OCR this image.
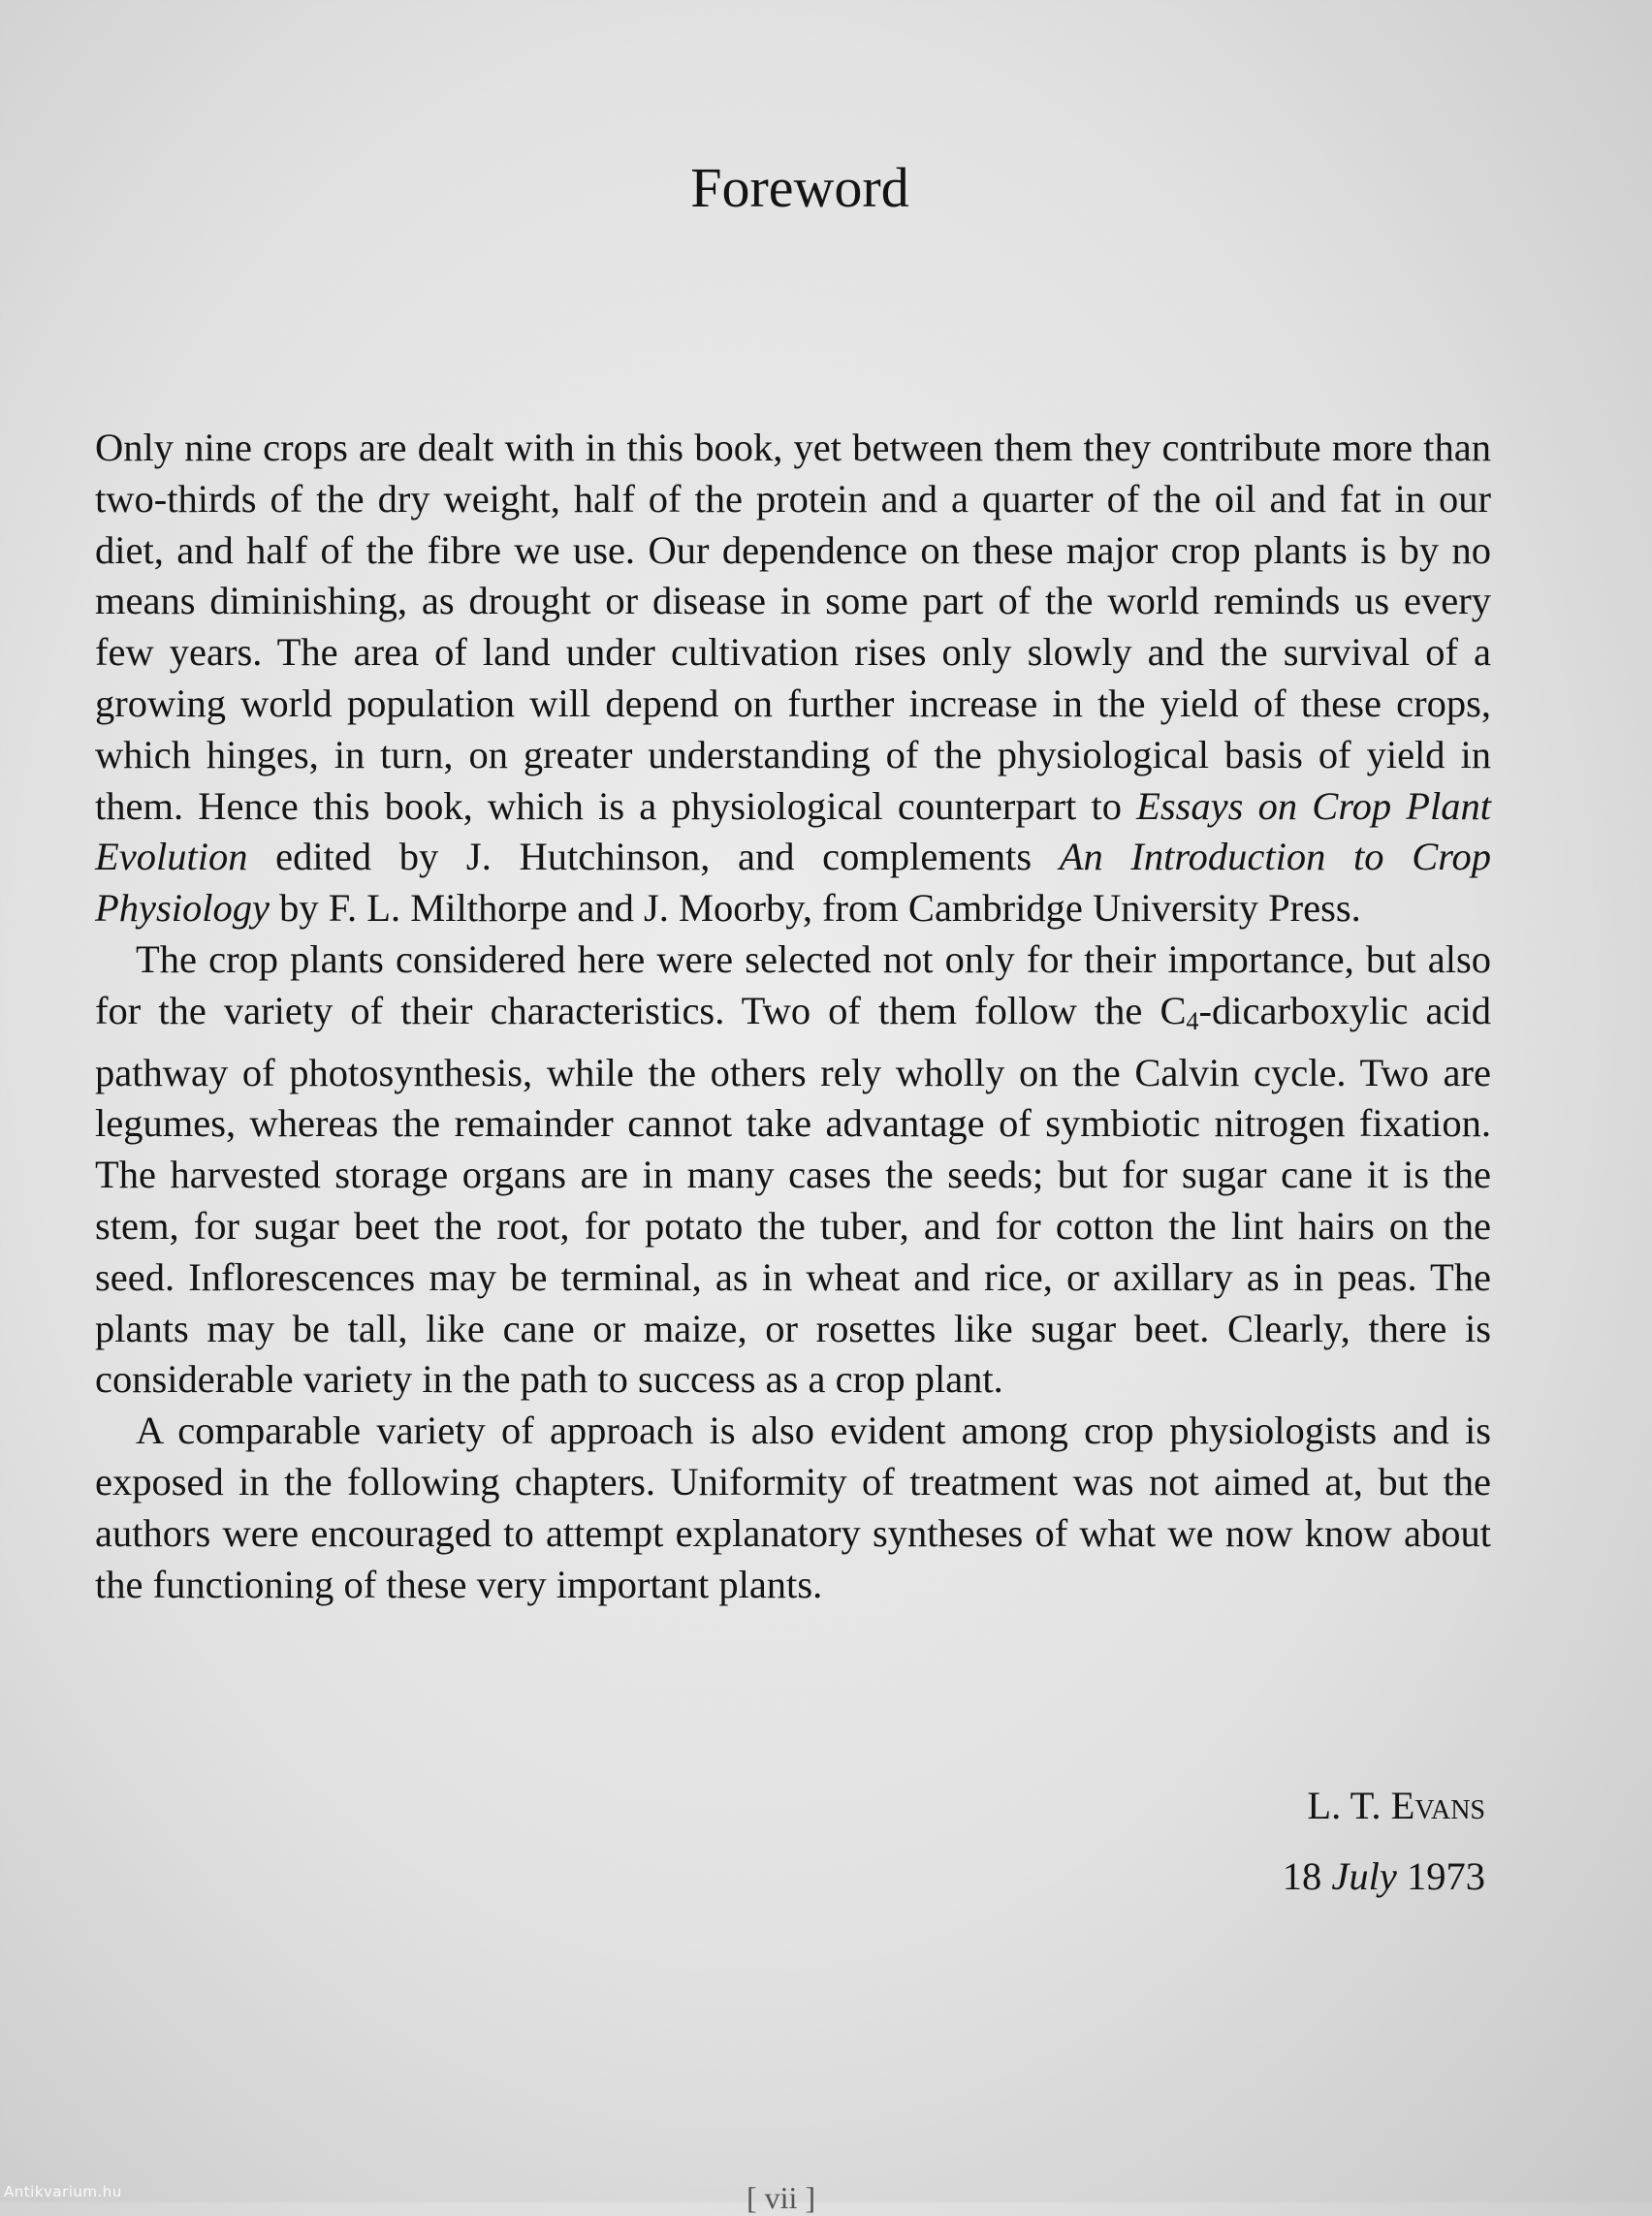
Foreword

Only nine crops are dealt with in this book, yet between them they contribute more than two-thirds of the dry weight, half of the protein and a quarter of the oil and fat in our diet, and half of the fibre we use. Our dependence on these major crop plants is by no means diminishing, as drought or disease in some part of the world reminds us every few years. The area of land under cultivation rises only slowly and the survival of a growing world population will depend on further increase in the yield of these crops, which hinges, in turn, on greater understanding of the physiological basis of yield in them. Hence this book, which is a physiological counterpart to Essays on Crop Plant Evolution edited by J. Hutchinson, and complements An Introduction to Crop Physiology by F. L. Milthorpe and J. Moorby, from Cambridge University Press.

The crop plants considered here were selected not only for their importance, but also for the variety of their characteristics. Two of them follow the $C_4$-dicarboxylic acid pathway of photosynthesis, while the others rely wholly on the Calvin cycle. Two are legumes, whereas the remainder cannot take advantage of symbiotic nitrogen fixation. The harvested storage organs are in many cases the seeds; but for sugar cane it is the stem, for sugar beet the root, for potato the tuber, and for cotton the lint hairs on the seed. Inflorescences may be terminal, as in wheat and rice, or axillary as in peas. The plants may be tall, like cane or maize, or rosettes like sugar beet. Clearly, there is considerable variety in the path to success as a crop plant.

A comparable variety of approach is also evident among crop physiologists and is exposed in the following chapters. Uniformity of treatment was not aimed at, but the authors were encouraged to attempt explanatory syntheses of what we now know about the functioning of these very important plants.

L. T. Evans
18 July 1973
[ vii ]
Antikvarium.hu
